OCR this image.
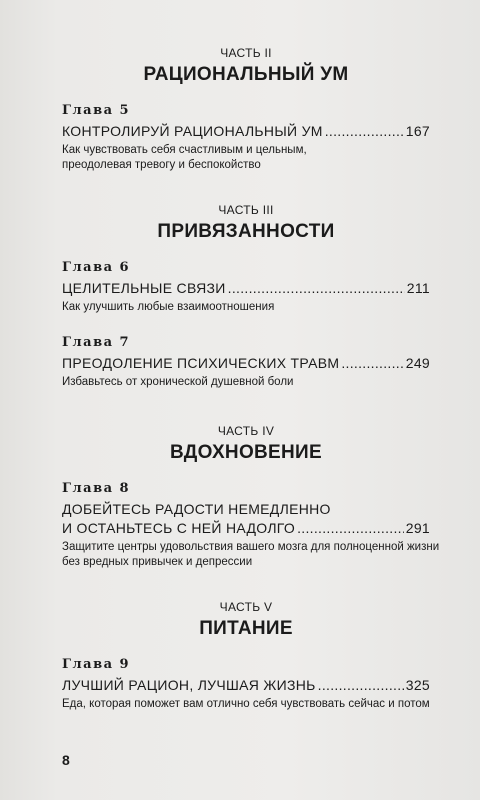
ЧАСТЬ II
РАЦИОНАЛЬНЫЙ УМ
Глава 5
КОНТРОЛИРУЙ РАЦИОНАЛЬНЫЙ УМ .....	167
Как чувствовать себя счастливым и цельным,
преодолевая тревогу и беспокойство
ЧАСТЬ III
ПРИВЯЗАННОСТИ
Глава 6
ЦЕЛИТЕЛЬНЫЕ СВЯЗИ .....	211
Как улучшить любые взаимоотношения
Глава 7
ПРЕОДОЛЕНИЕ ПСИХИЧЕСКИХ ТРАВМ .....	249
Избавьтесь от хронической душевной боли
ЧАСТЬ IV
ВДОХНОВЕНИЕ
Глава 8
ДОБЕЙТЕСЬ РАДОСТИ НЕМЕДЛЕННО
И ОСТАНЬТЕСЬ С НЕЙ НАДОЛГО .....	291
Защитите центры удовольствия вашего мозга для полноценной жизни
без вредных привычек и депрессии
ЧАСТЬ V
ПИТАНИЕ
Глава 9
ЛУЧШИЙ РАЦИОН, ЛУЧШАЯ ЖИЗНЬ .....	325
Еда, которая поможет вам отлично себя чувствовать сейчас и потом
8
